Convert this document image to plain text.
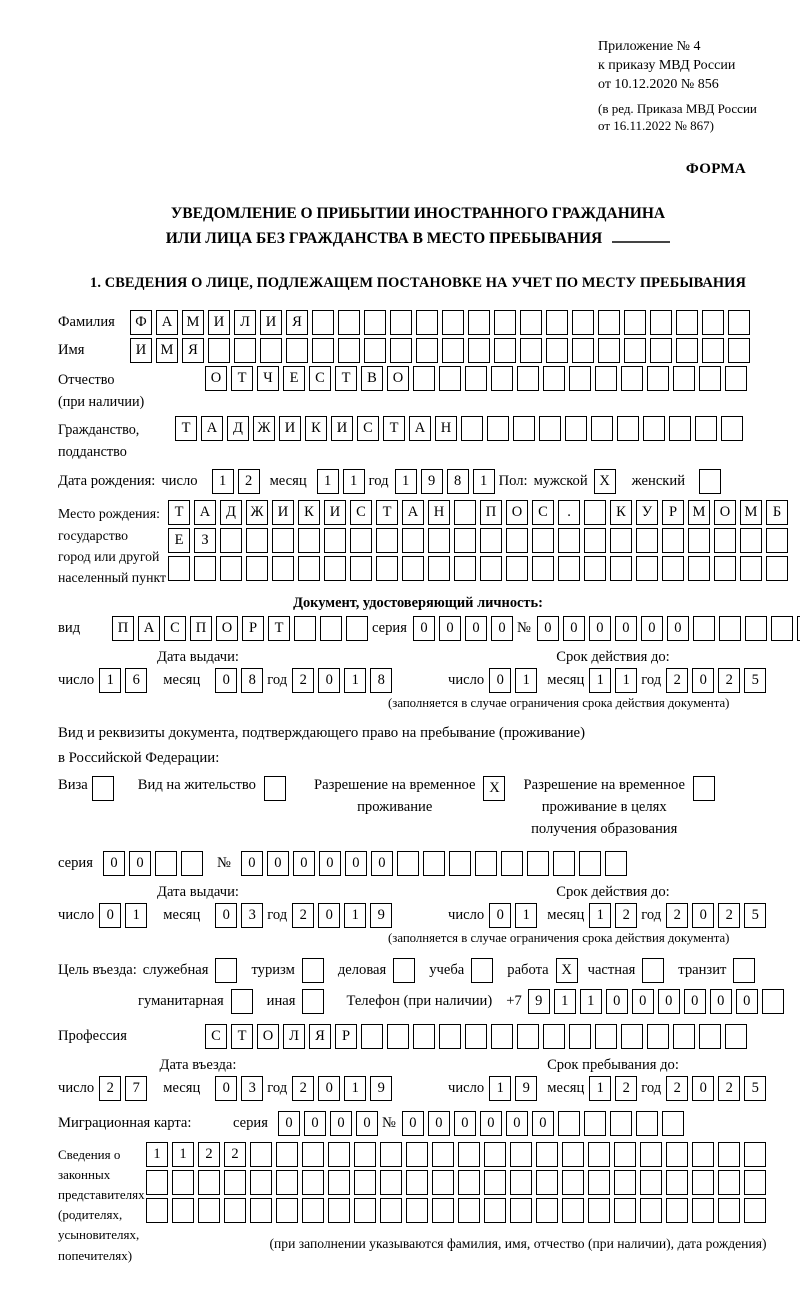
Приложение № 4
к приказу МВД России
от 10.12.2020 № 856
(в ред. Приказа МВД России
от 16.11.2022 № 867)
ФОРМА
УВЕДОМЛЕНИЕ О ПРИБЫТИИ ИНОСТРАННОГО ГРАЖДАНИНА
ИЛИ ЛИЦА БЕЗ ГРАЖДАНСТВА В МЕСТО ПРЕБЫВАНИЯ
1. СВЕДЕНИЯ О ЛИЦЕ, ПОДЛЕЖАЩЕМ ПОСТАНОВКЕ НА УЧЕТ ПО МЕСТУ ПРЕБЫВАНИЯ
Фамилия	Ф	А М И	Л	И	Я
Имя	И М	Я
Отчество
(при наличии)
О	Т	Ч	Е	С	Т	В	О
Гражданство,
подданство
Т	А	Д	Ж И	К	И	С	Т	А	Н
Дата рождения: число	1	2	месяц	1	1 год 1	9	8	1 Пол: мужской X	женский
Место рождения:
государство
город или другой
населенный пункт
Т	А	Д	Ж И	К	И	С	Т	А	Н	П	О	С	.	К	У	Р	М О М	Б
Е	З
Документ, удостоверяющий личность:
вид	П	А	С	П	О	Р	Т	серия 0	0	0	0 № 0	0	0	0	0	0
Дата выдачи:
число 1	6	месяц	0	8 год 2	0	1	8
Срок действия до:
число 0	1	месяц 1	1 год 2	0	2	5
(заполняется в случае ограничения срока действия документа)
Вид и реквизиты документа, подтверждающего право на пребывание (проживание)
в Российской Федерации:
Виза	Вид на жительство	Разрешение на временное
проживание
X	Разрешение на временное
проживание в целях
получения образования
серия	0	0	№	0	0	0	0	0	0
Дата выдачи:
число 0	1	месяц	0	3 год 2	0	1	9
Срок действия до:
число 0	1	месяц 1	2 год 2	0	2	5
(заполняется в случае ограничения срока действия документа)
Цель въезда: служебная	туризм	деловая	учеба	работа X	частная	транзит
гуманитарная	иная	Телефон (при наличии) +7 9	1	1	0	0	0	0	0	0
Профессия	С	Т	О	Л	Я	Р
Дата въезда:
число 2	7	месяц	0	3 год 2	0	1	9
Срок пребывания до:
число 1	9	месяц 1	2 год 2	0	2	5
Миграционная карта:	серия	0	0	0	0 № 0	0	0	0	0	0
Сведения о
законных
представителях
(родителях,
усыновителях,
попечителях)
1	1	2	2
(при заполнении указываются фамилия, имя, отчество (при наличии), дата рождения)
